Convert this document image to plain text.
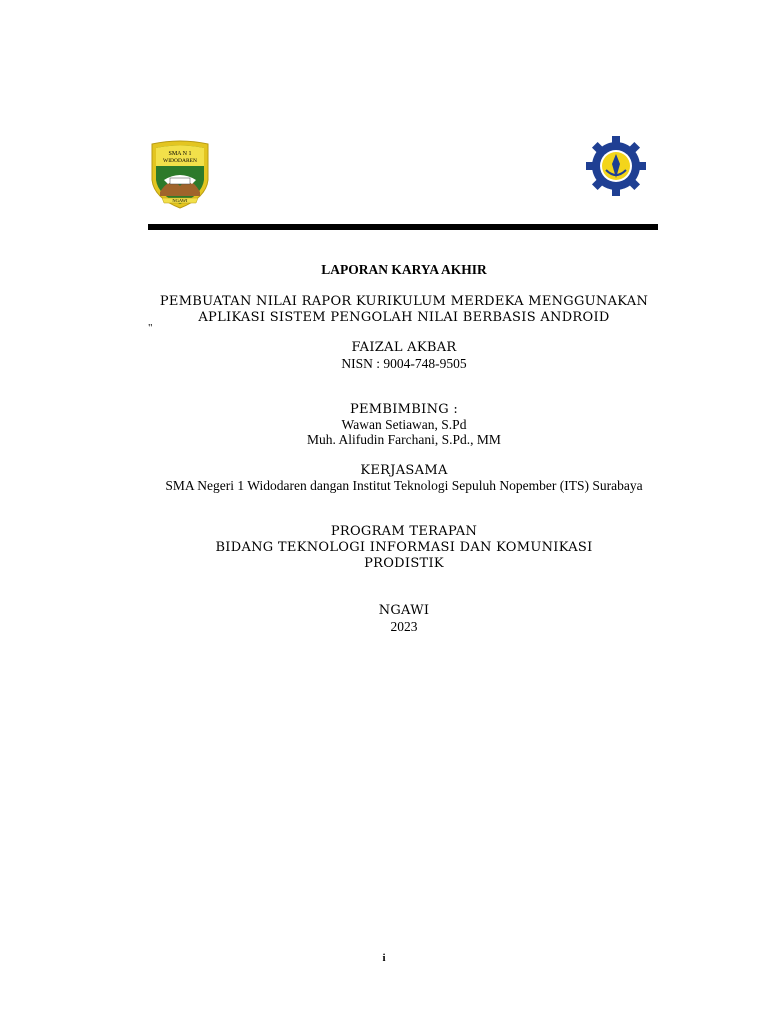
SMA N 1
WIDODAREN
NGAWI
LAPORAN KARYA AKHIR
PEMBUATAN NILAI RAPOR KURIKULUM MERDEKA MENGGUNAKAN
APLIKASI SISTEM PENGOLAH NILAI BERBASIS ANDROID
"
FAIZAL AKBAR
NISN : 9004-748-9505
PEMBIMBING :
Wawan Setiawan, S.Pd
Muh. Alifudin Farchani, S.Pd., MM
KERJASAMA
SMA Negeri 1 Widodaren dangan Institut Teknologi Sepuluh Nopember (ITS) Surabaya
PROGRAM TERAPAN
BIDANG TEKNOLOGI INFORMASI DAN KOMUNIKASI
PRODISTIK
NGAWI
2023
i
